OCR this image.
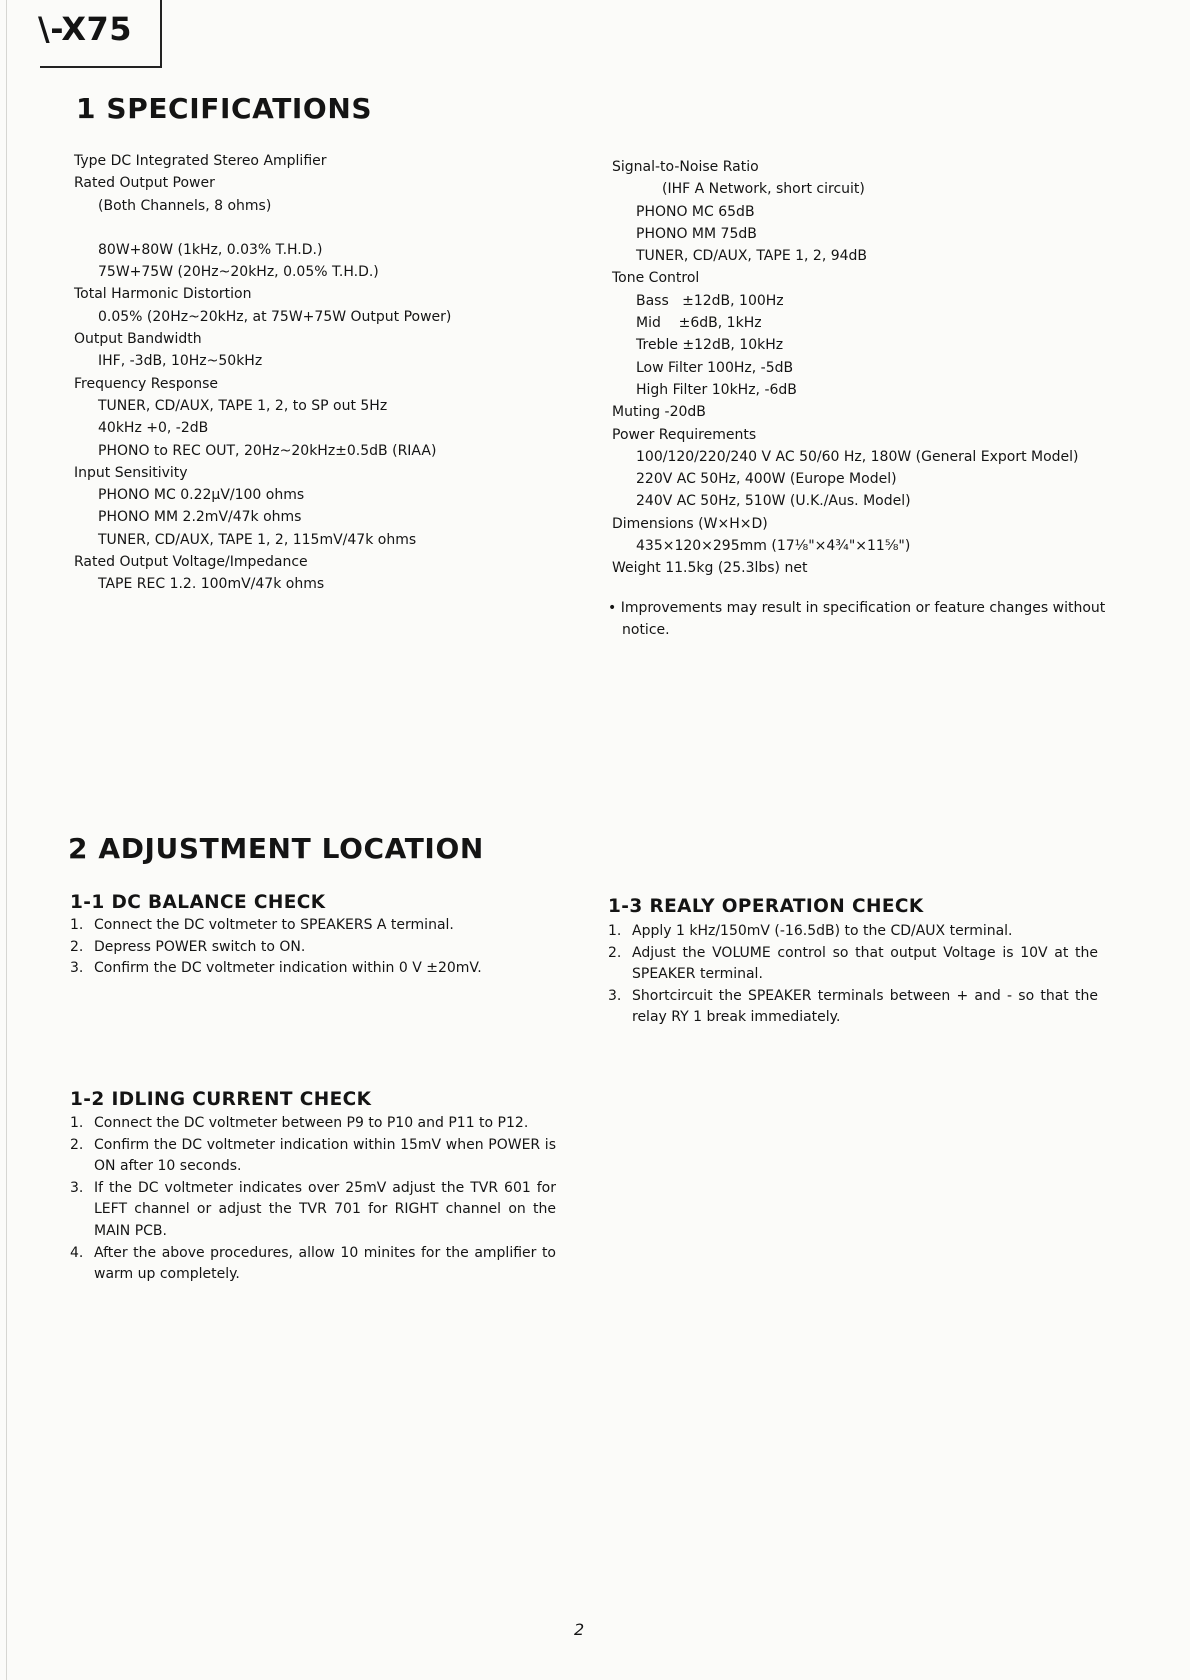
\-X75
1 SPECIFICATIONS
Type DC Integrated Stereo Amplifier
Rated Output Power
(Both Channels, 8 ohms)
80W+80W (1kHz, 0.03% T.H.D.)
75W+75W (20Hz~20kHz, 0.05% T.H.D.)
Total Harmonic Distortion
0.05% (20Hz~20kHz, at 75W+75W Output Power)
Output Bandwidth
IHF, -3dB, 10Hz~50kHz
Frequency Response
TUNER, CD/AUX, TAPE 1, 2, to SP out 5Hz
40kHz +0, -2dB
PHONO to REC OUT, 20Hz~20kHz±0.5dB (RIAA)
Input Sensitivity
PHONO MC 0.22μV/100 ohms
PHONO MM 2.2mV/47k ohms
TUNER, CD/AUX, TAPE 1, 2, 115mV/47k ohms
Rated Output Voltage/Impedance
TAPE REC 1.2. 100mV/47k ohms
Signal-to-Noise Ratio
(IHF A Network, short circuit)
PHONO MC 65dB
PHONO MM 75dB
TUNER, CD/AUX, TAPE 1, 2, 94dB
Tone Control
Bass   ±12dB, 100Hz
Mid    ±6dB, 1kHz
Treble ±12dB, 10kHz
Low Filter 100Hz, -5dB
High Filter 10kHz, -6dB
Muting -20dB
Power Requirements
100/120/220/240 V AC 50/60 Hz, 180W (General Export Model)
220V AC 50Hz, 400W (Europe Model)
240V AC 50Hz, 510W (U.K./Aus. Model)
Dimensions (W×H×D)
435×120×295mm (17⅛"×4¾"×11⅝")
Weight 11.5kg (25.3lbs) net
• Improvements may result in specification or feature changes without
notice.
2 ADJUSTMENT LOCATION
1-1 DC BALANCE CHECK
1. Connect the DC voltmeter to SPEAKERS A terminal.
2. Depress POWER switch to ON.
3. Confirm the DC voltmeter indication within 0 V ±20mV.
1-2 IDLING CURRENT CHECK
1. Connect the DC voltmeter between P9 to P10 and P11 to P12.
2. Confirm the DC voltmeter indication within 15mV when POWER is ON after 10 seconds.
3. If the DC voltmeter indicates over 25mV adjust the TVR 601 for LEFT channel or adjust the TVR 701 for RIGHT channel on the MAIN PCB.
4. After the above procedures, allow 10 minites for the amplifier to warm up completely.
1-3 REALY OPERATION CHECK
1. Apply 1 kHz/150mV (-16.5dB) to the CD/AUX terminal.
2. Adjust the VOLUME control so that output Voltage is 10V at the SPEAKER terminal.
3. Shortcircuit the SPEAKER terminals between + and - so that the relay RY 1 break immediately.
2
